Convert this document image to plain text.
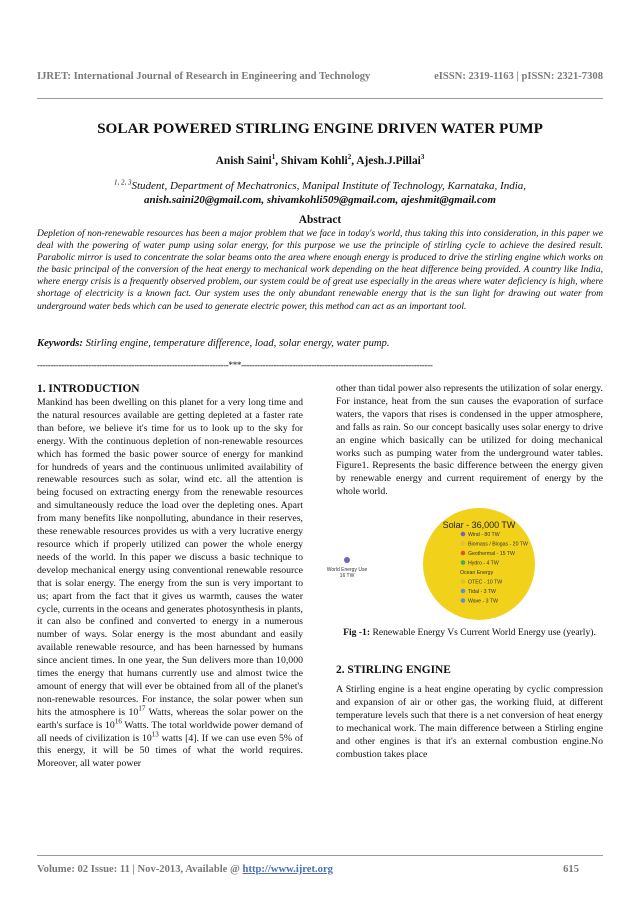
IJRET: International Journal of Research in Engineering and Technology	eISSN: 2319-1163 | pISSN: 2321-7308
SOLAR POWERED STIRLING ENGINE DRIVEN WATER PUMP
Anish Saini$^1$, Shivam Kohli$^2$, Ajesh.J.Pillai$^3$
$^{1, 2, 3}$Student, Department of Mechatronics, Manipal Institute of Technology, Karnataka, India,
anish.saini20@gmail.com, shivamkohli509@gmail.com, ajeshmit@gmail.com
Abstract
Depletion of non-renewable resources has been a major problem that we face in today's world, thus taking this into consideration, in this paper we deal with the powering of water pump using solar energy, for this purpose we use the principle of stirling cycle to achieve the desired result. Parabolic mirror is used to concentrate the solar beams onto the area where enough energy is produced to drive the stirling engine which works on the basic principal of the conversion of the heat energy to mechanical work depending on the heat difference being provided. A country like India, where energy crisis is a frequently observed problem, our system could be of great use especially in the areas where water deficiency is high, where shortage of electricity is a known fact. Our system uses the only abundant renewable energy that is the sun light for drawing out water from underground water beds which can be used to generate electric power, this method can act as an important tool.
Keywords: Stirling engine, temperature difference, load, solar energy, water pump.
-----------------------------------------------------------------------***-----------------------------------------------------------------------
1. INTRODUCTION

Mankind has been dwelling on this planet for a very long time and the natural resources available are getting depleted at a faster rate than before, we believe it's time for us to look up to the sky for energy. With the continuous depletion of non-renewable resources which has formed the basic power source of energy for mankind for hundreds of years and the continuous unlimited availability of renewable resources such as solar, wind etc. all the attention is being focused on extracting energy from the renewable resources and simultaneously reduce the load over the depleting ones. Apart from many benefits like nonpolluting, abundance in their reserves, these renewable resources provides us with a very lucrative energy resource which if properly utilized can power the whole energy needs of the world. In this paper we discuss a basic technique to develop mechanical energy using conventional renewable resource that is solar energy. The energy from the sun is very important to us; apart from the fact that it gives us warmth, causes the water cycle, currents in the oceans and generates photosynthesis in plants, it can also be confined and converted to energy in a numerous number of ways. Solar energy is the most abundant and easily available renewable resource, and has been harnessed by humans since ancient times. In one year, the Sun delivers more than 10,000 times the energy that humans currently use and almost twice the amount of energy that will ever be obtained from all of the planet's non-renewable resources. For instance, the solar power when sun hits the atmosphere is $10^{17}$ Watts, whereas the solar power on the earth's surface is $10^{16}$ Watts. The total worldwide power demand of all needs of civilization is $10^{13}$ watts [4]. If we can use even 5% of this energy, it will be 50 times of what the world requires. Moreover, all water power

other than tidal power also represents the utilization of solar energy. For instance, heat from the sun causes the evaporation of surface waters, the vapors that rises is condensed in the upper atmosphere, and falls as rain. So our concept basically uses solar energy to drive an engine which basically can be utilized for doing mechanical works such as pumping water from the underground water tables. Figure1. Represents the basic difference between the energy given by renewable energy and current requirement of energy by the whole world.
World Energy Use
16 TW
Solar - 36,000 TW
Wind - 80 TW
Biomass / Biogas - 20 TW
Geothermal - 15 TW
Hydro - 4 TW
Ocean Energy
OTEC - 10 TW
Tidal - 3 TW
Wave - 3 TW
Fig -1: Renewable Energy Vs Current World Energy use (yearly).
2. STIRLING ENGINE
A Stirling engine is a heat engine operating by cyclic compression and expansion of air or other gas, the working fluid, at different temperature levels such that there is a net conversion of heat energy to mechanical work. The main difference between a Stirling engine and other engines is that it's an external combustion engine.No combustion takes place
Volume: 02 Issue: 11 | Nov-2013, Available @ http://www.ijret.org	615
